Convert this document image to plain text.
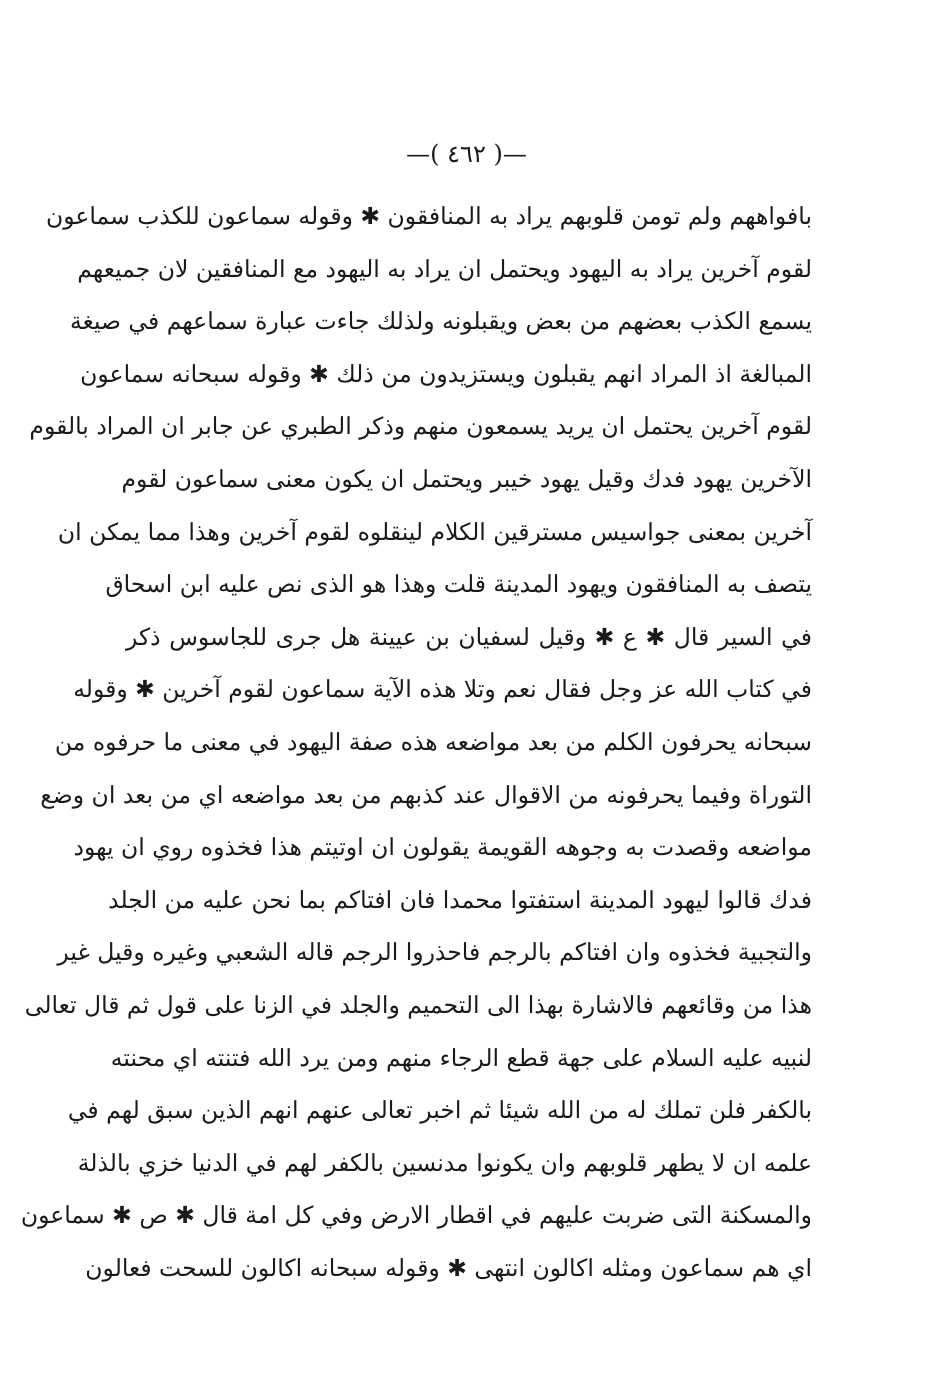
—( ٤٦٢ )—
بافواههم ولم تومن قلوبهم يراد به المنافقون ✱ وقوله سماعون للكذب سماعون
لقوم آخرين يراد به اليهود ويحتمل ان يراد به اليهود مع المنافقين لان جميعهم
يسمع الكذب بعضهم من بعض ويقبلونه ولذلك جاءت عبارة سماعهم في صيغة
المبالغة اذ المراد انهم يقبلون ويستزيدون من ذلك ✱ وقوله سبحانه سماعون
لقوم آخرين يحتمل ان يريد يسمعون منهم وذكر الطبري عن جابر ان المراد بالقوم
الآخرين يهود فدك وقيل يهود خيبر ويحتمل ان يكون معنى سماعون لقوم
آخرين بمعنى جواسيس مسترقين الكلام لينقلوه لقوم آخرين وهذا مما يمكن ان
يتصف به المنافقون ويهود المدينة قلت وهذا هو الذى نص عليه ابن اسحاق
في السير قال ✱ ع ✱ وقيل لسفيان بن عيينة هل جرى للجاسوس ذكر
في كتاب الله عز وجل فقال نعم وتلا هذه الآية سماعون لقوم آخرين ✱ وقوله
سبحانه يحرفون الكلم من بعد مواضعه هذه صفة اليهود في معنى ما حرفوه من
التوراة وفيما يحرفونه من الاقوال عند كذبهم من بعد مواضعه اي من بعد ان وضع
مواضعه وقصدت به وجوهه القويمة يقولون ان اوتيتم هذا فخذوه روي ان يهود
فدك قالوا ليهود المدينة استفتوا محمدا فان افتاكم بما نحن عليه من الجلد
والتجبية فخذوه وان افتاكم بالرجم فاحذروا الرجم قاله الشعبي وغيره وقيل غير
هذا من وقائعهم فالاشارة بهذا الى التحميم والجلد في الزنا على قول ثم قال تعالى
لنبيه عليه السلام على جهة قطع الرجاء منهم ومن يرد الله فتنته اي محنته
بالكفر فلن تملك له من الله شيئا ثم اخبر تعالى عنهم انهم الذين سبق لهم في
علمه ان لا يطهر قلوبهم وان يكونوا مدنسين بالكفر لهم في الدنيا خزي بالذلة
والمسكنة التى ضربت عليهم في اقطار الارض وفي كل امة قال ✱ ص ✱ سماعون
اي هم سماعون ومثله اكالون انتهى ✱ وقوله سبحانه اكالون للسحت فعالون
